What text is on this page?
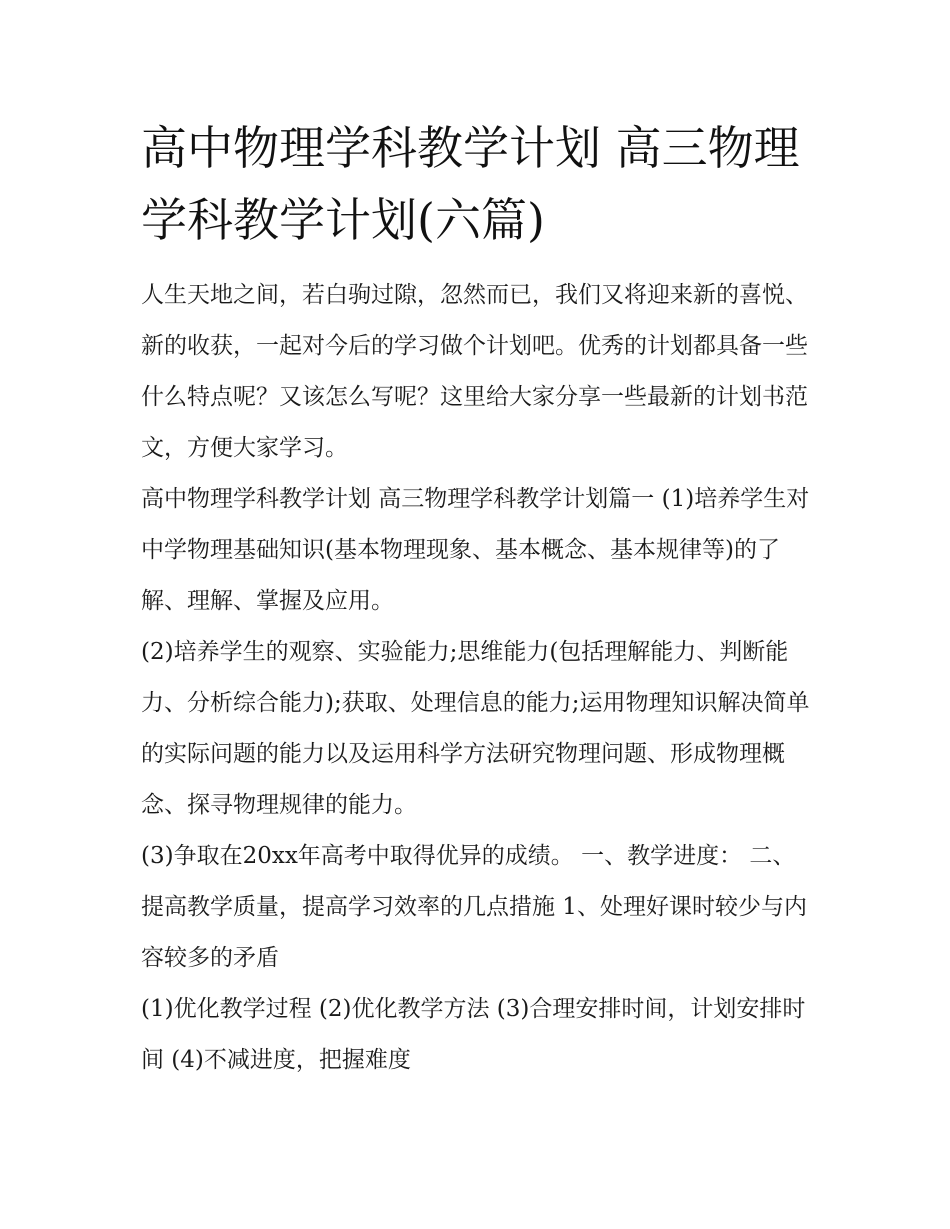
高中物理学科教学计划 高三物理学科教学计划(六篇)

人生天地之间，若白驹过隙，忽然而已，我们又将迎来新的喜悦、新的收获，一起对今后的学习做个计划吧。优秀的计划都具备一些什么特点呢？又该怎么写呢？这里给大家分享一些最新的计划书范文，方便大家学习。

高中物理学科教学计划 高三物理学科教学计划篇一 (1)培养学生对中学物理基础知识(基本物理现象、基本概念、基本规律等)的了解、理解、掌握及应用。

(2)培养学生的观察、实验能力;思维能力(包括理解能力、判断能力、分析综合能力);获取、处理信息的能力;运用物理知识解决简单的实际问题的能力以及运用科学方法研究物理问题、形成物理概念、探寻物理规律的能力。

(3)争取在20xx年高考中取得优异的成绩。 一、教学进度： 二、提高教学质量，提高学习效率的几点措施 1、处理好课时较少与内容较多的矛盾

(1)优化教学过程 (2)优化教学方法 (3)合理安排时间，计划安排时间 (4)不减进度，把握难度
